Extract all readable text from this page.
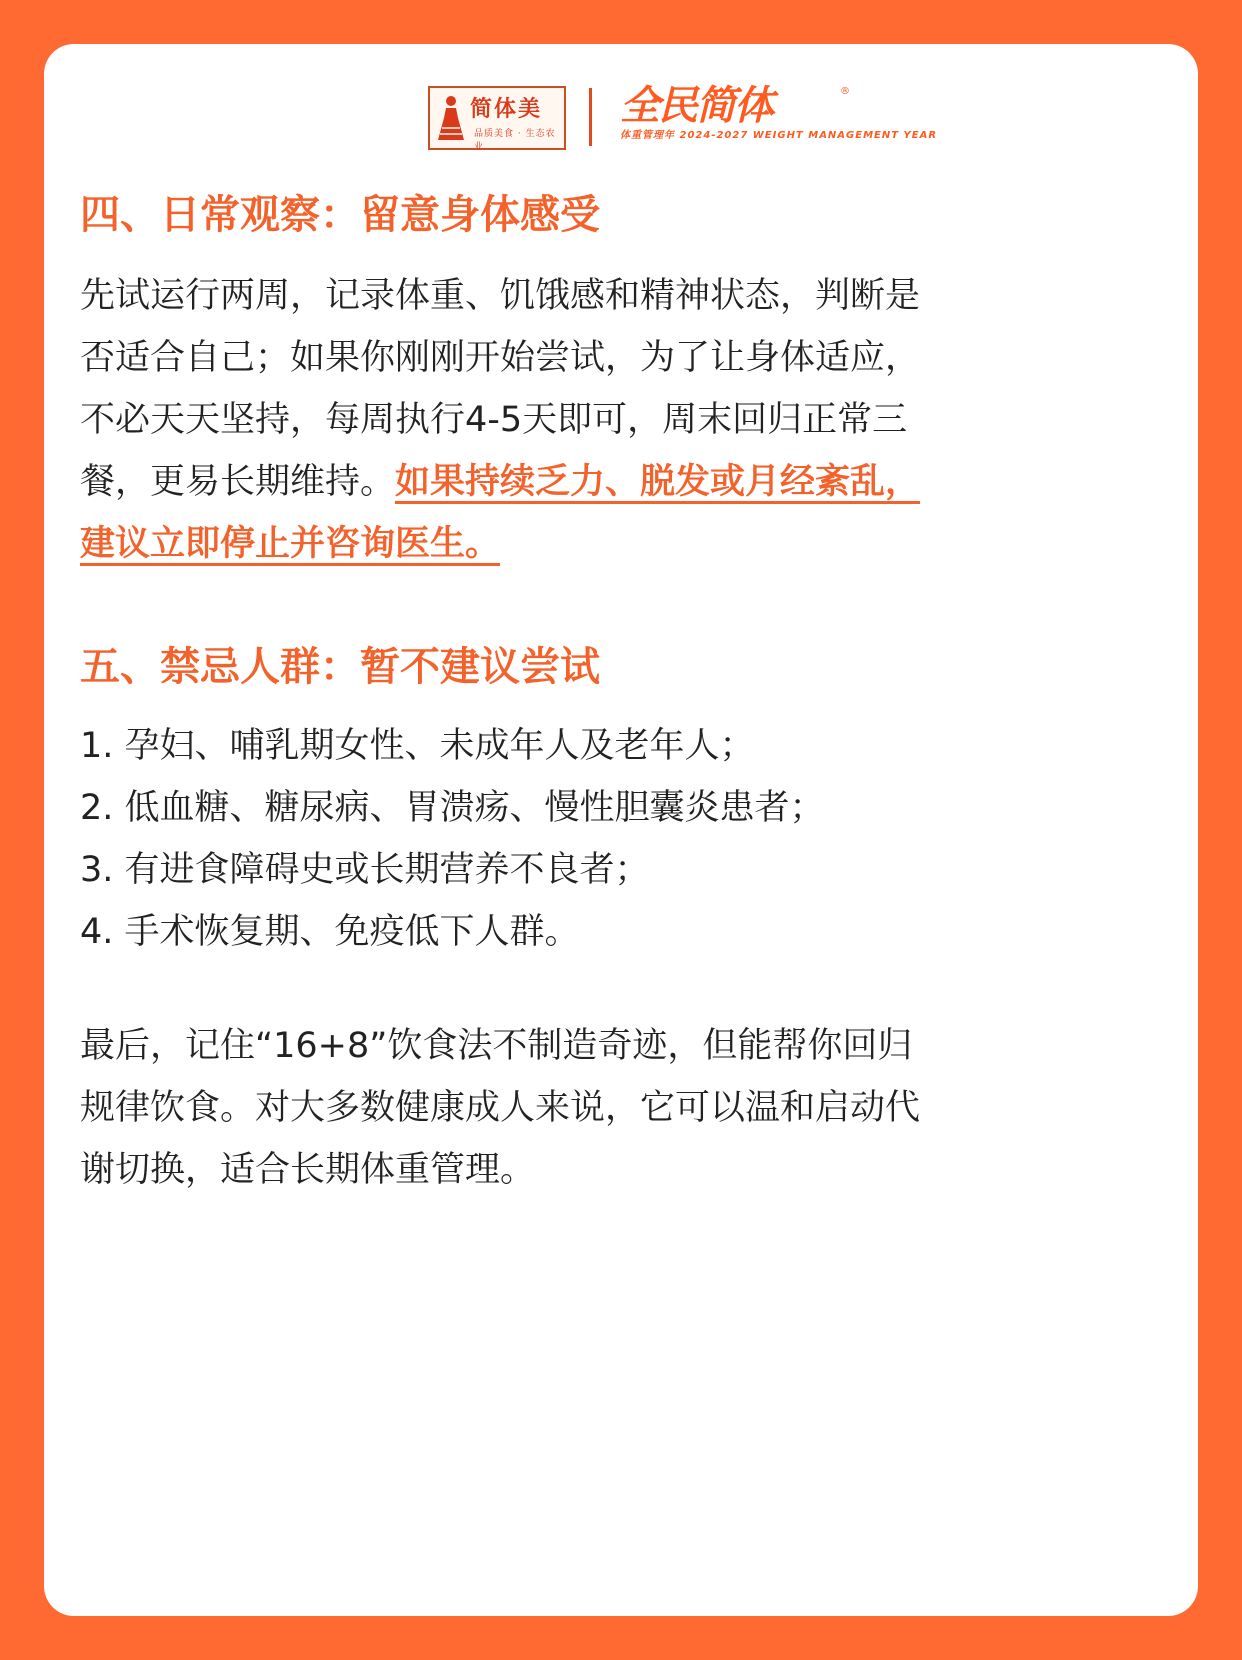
简体美
品质美食 · 生态农业
全民简体
体重管理年 2024-2027 WEIGHT MANAGEMENT YEAR
®
四、日常观察：留意身体感受

先试运行两周，记录体重、饥饿感和精神状态，判断是
否适合自己；如果你刚刚开始尝试，为了让身体适应，
不必天天坚持，每周执行4-5天即可，周末回归正常三
餐，更易长期维持。如果持续乏力、脱发或月经紊乱，
建议立即停止并咨询医生。

五、禁忌人群：暂不建议尝试
1. 孕妇、哺乳期女性、未成年人及老年人；
2. 低血糖、糖尿病、胃溃疡、慢性胆囊炎患者；
3. 有进食障碍史或长期营养不良者；
4. 手术恢复期、免疫低下人群。

最后，记住“16+8”饮食法不制造奇迹，但能帮你回归
规律饮食。对大多数健康成人来说，它可以温和启动代
谢切换，适合长期体重管理。
